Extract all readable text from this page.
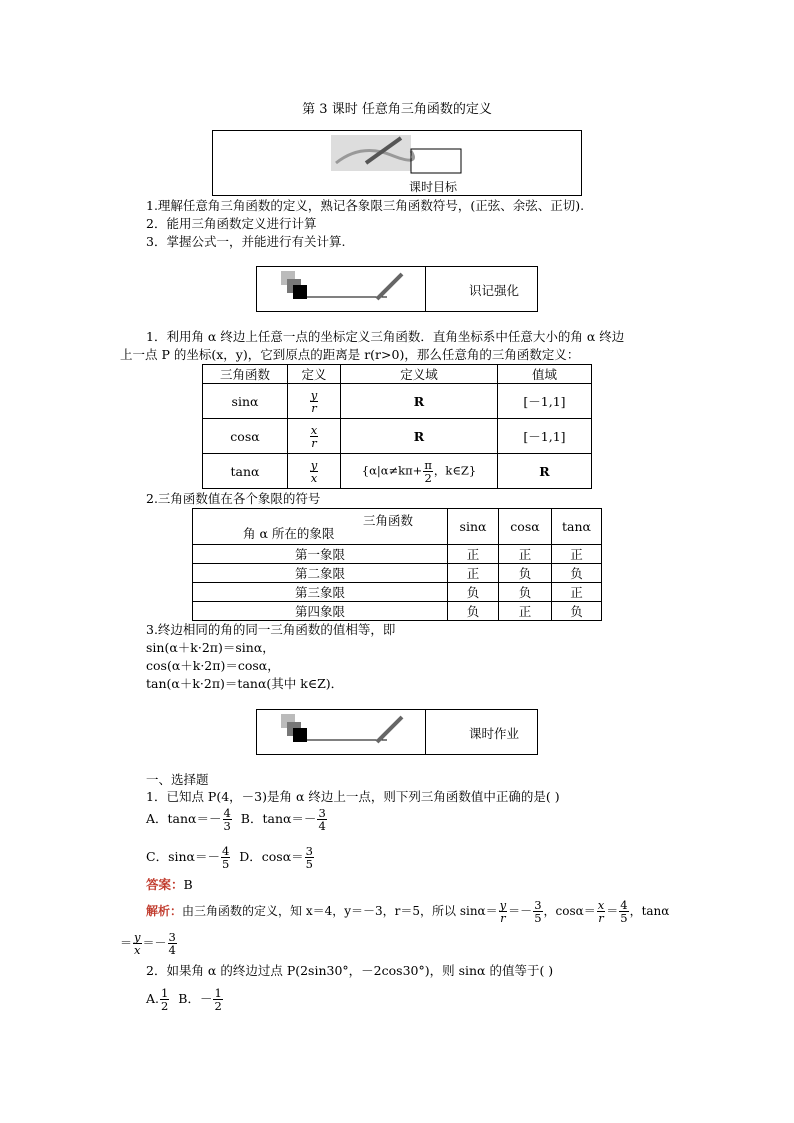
第 3 课时 任意角三角函数的定义
课时目标
1.理解任意角三角函数的定义，熟记各象限三角函数符号，(正弦、余弦、正切).
2．能用三角函数定义进行计算
3．掌握公式一，并能进行有关计算.
识记强化
1．利用角 α 终边上任意一点的坐标定义三角函数．直角坐标系中任意大小的角 α 终边
上一点 P 的坐标(x，y)，它到原点的距离是 r(r>0)，那么任意角的三角函数定义：
三角函数	定义	定义域	值域
sinα	$\frac{y}{r}$	R	[－1,1]
cosα	$\frac{x}{r}$	R	[－1,1]
tanα	$\frac{y}{x}$	{$\alpha|\alpha\ne k\pi+ \frac{\pi}{2}$ ，k∈Z}	R
2.三角函数值在各个象限的符号
三角函数
角 α 所在的象限	sinα	cosα	tanα
第一象限	正	正	正
第二象限	正	负	负
第三象限	负	负	正
第四象限	负	正	负
3.终边相同的角的同一三角函数的值相等，即
sin(α＋k·2π)＝sinα，
cos(α＋k·2π)＝cosα，
tan(α＋k·2π)＝tanα(其中 k∈Z)．
课时作业
一、选择题
1．已知点 P(4，－3)是角 α 终边上一点，则下列三角函数值中正确的是( )
A．$\tan\alpha=- \frac{4}{3}$ B．$\tan\alpha=- \frac{3}{4}$
C．$\sin\alpha=- \frac{4}{5}$ D．$\cos\alpha= \frac{3}{5}$
答案：B
解析：由三角函数的定义，知 x＝4，y＝－3，r＝5，所以 $\sin\alpha= \frac{y}{r} =- \frac{3}{5}$ ，$\cos\alpha= \frac{x}{r} = \frac{4}{5}$ ，tanα
＝ $\frac{y}{x} =- \frac{3}{4}$
2．如果角 α 的终边过点 P(2sin30°，－2cos30°)，则 sinα 的值等于( )
A. $\frac{1}{2}$ B．－ $\frac{1}{2}$
